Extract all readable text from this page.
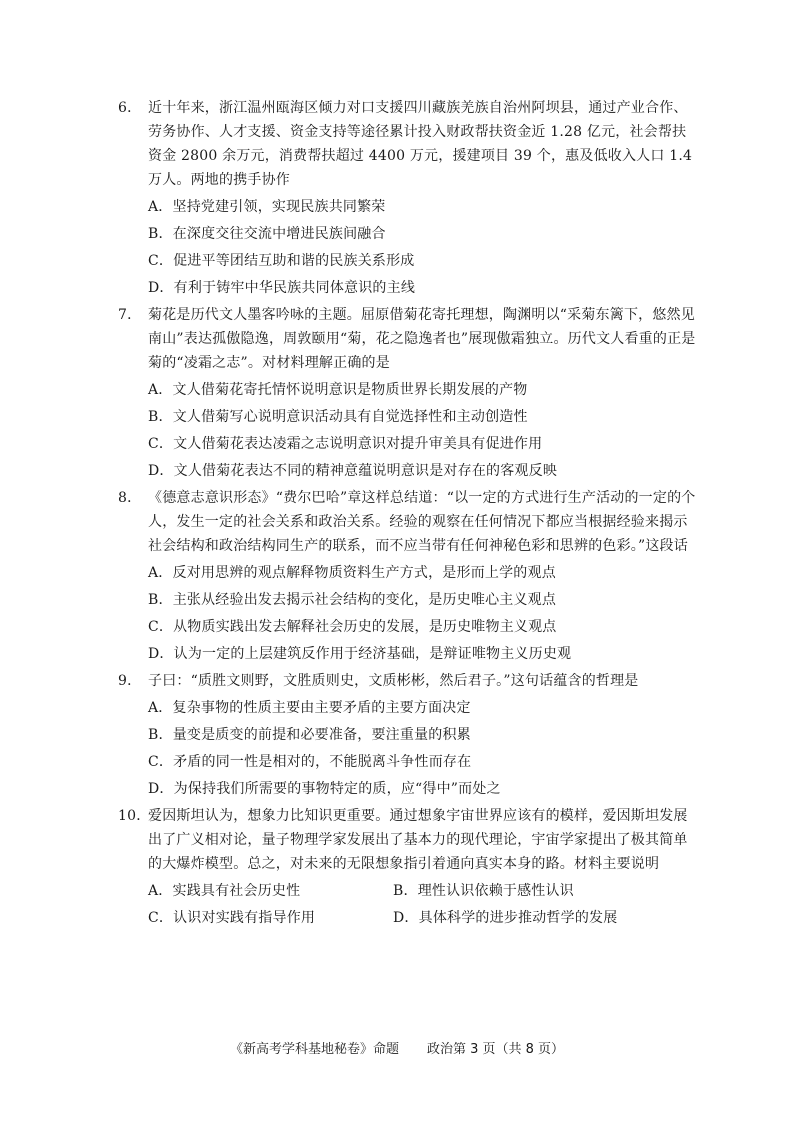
6． 近十年来，浙江温州瓯海区倾力对口支援四川藏族羌族自治州阿坝县，通过产业合作、劳务协作、人才支援、资金支持等途径累计投入财政帮扶资金近 1.28 亿元，社会帮扶资金 2800 余万元，消费帮扶超过 4400 万元，援建项目 39 个，惠及低收入人口 1.4 万人。两地的携手协作
A．坚持党建引领，实现民族共同繁荣
B．在深度交往交流中增进民族间融合
C．促进平等团结互助和谐的民族关系形成
D．有利于铸牢中华民族共同体意识的主线
7． 菊花是历代文人墨客吟咏的主题。屈原借菊花寄托理想，陶渊明以“采菊东篱下，悠然见南山”表达孤傲隐逸，周敦颐用“菊，花之隐逸者也”展现傲霜独立。历代文人看重的正是菊的“凌霜之志”。对材料理解正确的是
A．文人借菊花寄托情怀说明意识是物质世界长期发展的产物
B．文人借菊写心说明意识活动具有自觉选择性和主动创造性
C．文人借菊花表达凌霜之志说明意识对提升审美具有促进作用
D．文人借菊花表达不同的精神意蕴说明意识是对存在的客观反映
8． 《德意志意识形态》“费尔巴哈”章这样总结道：“以一定的方式进行生产活动的一定的个人，发生一定的社会关系和政治关系。经验的观察在任何情况下都应当根据经验来揭示社会结构和政治结构同生产的联系，而不应当带有任何神秘色彩和思辨的色彩。”这段话
A．反对用思辨的观点解释物质资料生产方式，是形而上学的观点
B．主张从经验出发去揭示社会结构的变化，是历史唯心主义观点
C．从物质实践出发去解释社会历史的发展，是历史唯物主义观点
D．认为一定的上层建筑反作用于经济基础，是辩证唯物主义历史观
9． 子曰：“质胜文则野，文胜质则史，文质彬彬，然后君子。”这句话蕴含的哲理是
A．复杂事物的性质主要由主要矛盾的主要方面决定
B．量变是质变的前提和必要准备，要注重量的积累
C．矛盾的同一性是相对的，不能脱离斗争性而存在
D．为保持我们所需要的事物特定的质，应“得中”而处之
10．
爱因斯坦认为，想象力比知识更重要。通过想象宇宙世界应该有的模样，爱因斯坦发展出了广义相对论，量子物理学家发展出了基本力的现代理论，宇宙学家提出了极其简单的大爆炸模型。总之，对未来的无限想象指引着通向真实本身的路。材料主要说明
A．实践具有社会历史性	B．理性认识依赖于感性认识
C．认识对实践有指导作用	D．具体科学的进步推动哲学的发展
《新高考学科基地秘卷》命题 政治第 3 页（共 8 页）
